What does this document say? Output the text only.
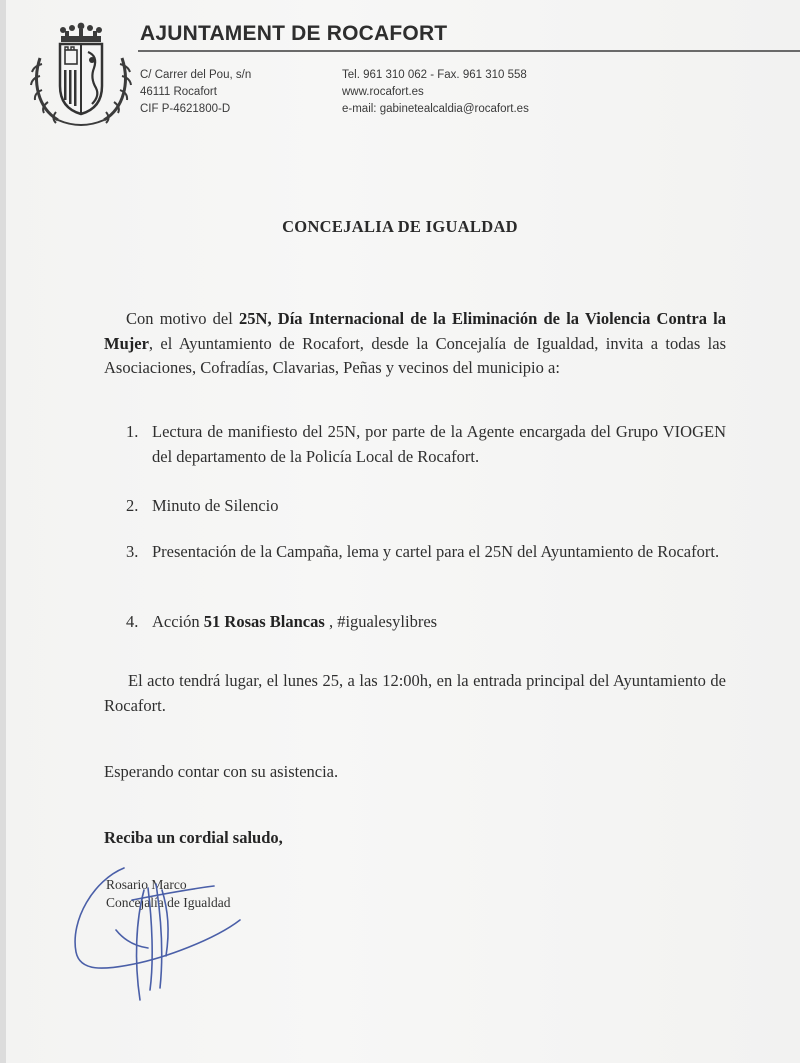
AJUNTAMENT DE ROCAFORT
C/ Carrer del Pou, s/n
46111 Rocafort
CIF P-4621800-D
Tel. 961 310 062 - Fax. 961 310 558
www.rocafort.es
e-mail: gabinetealcaldia@rocafort.es
CONCEJALIA DE IGUALDAD
Con motivo del 25N, Día Internacional de la Eliminación de la Violencia Contra la Mujer, el Ayuntamiento de Rocafort, desde la Concejalía de Igualdad, invita a todas las Asociaciones, Cofradías, Clavarias, Peñas y vecinos del municipio a:
1. Lectura de manifiesto del 25N, por parte de la Agente encargada del Grupo VIOGEN del departamento de la Policía Local de Rocafort.
2. Minuto de Silencio
3. Presentación de la Campaña, lema y cartel para el 25N del Ayuntamiento de Rocafort.
4. Acción 51 Rosas Blancas , #igualesylibres
El acto tendrá lugar, el lunes 25, a las 12:00h, en la entrada principal del Ayuntamiento de Rocafort.
Esperando contar con su asistencia.
Reciba un cordial saludo,
Rosario Marco
Concejalía de Igualdad
